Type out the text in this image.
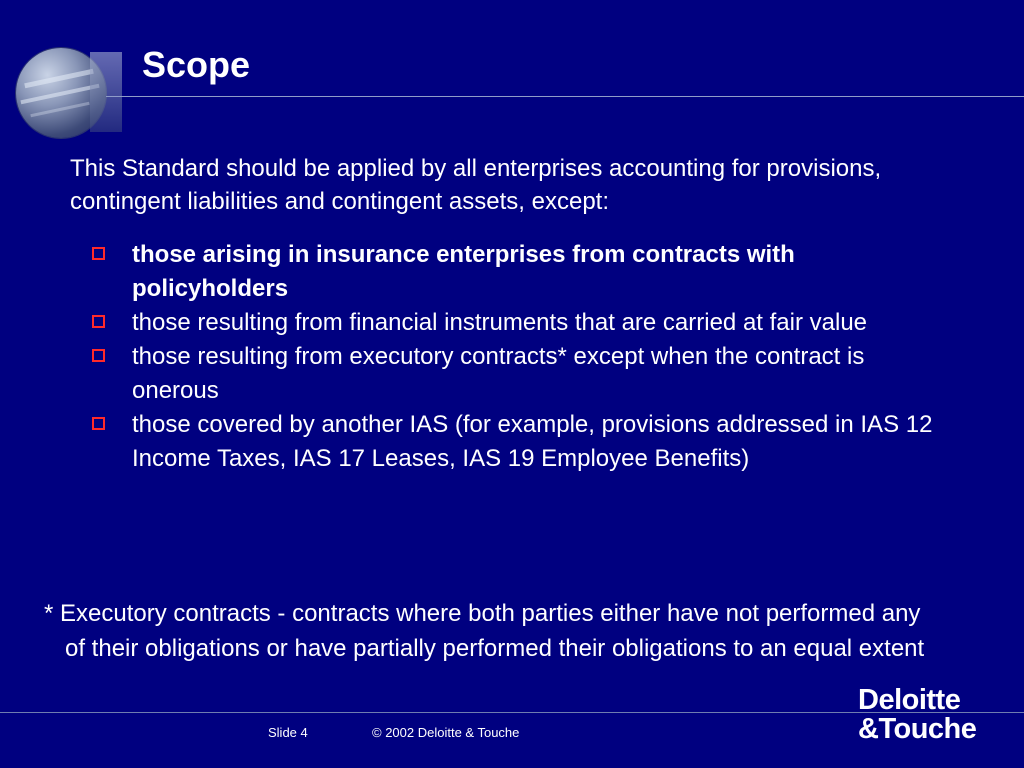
Scope

This Standard should be applied by all enterprises accounting for provisions, contingent liabilities and contingent assets, except:

those arising in insurance enterprises from contracts with policyholders
those resulting from financial instruments that are carried at fair value
those resulting from executory contracts* except when the contract is onerous
those covered by another IAS (for example, provisions addressed in IAS 12 Income Taxes, IAS 17 Leases, IAS 19 Employee Benefits)

* Executory contracts - contracts where both parties either have not performed any of their obligations or have partially performed their obligations to an equal extent

Slide 4	© 2002 Deloitte & Touche
Deloitte
&Touche
